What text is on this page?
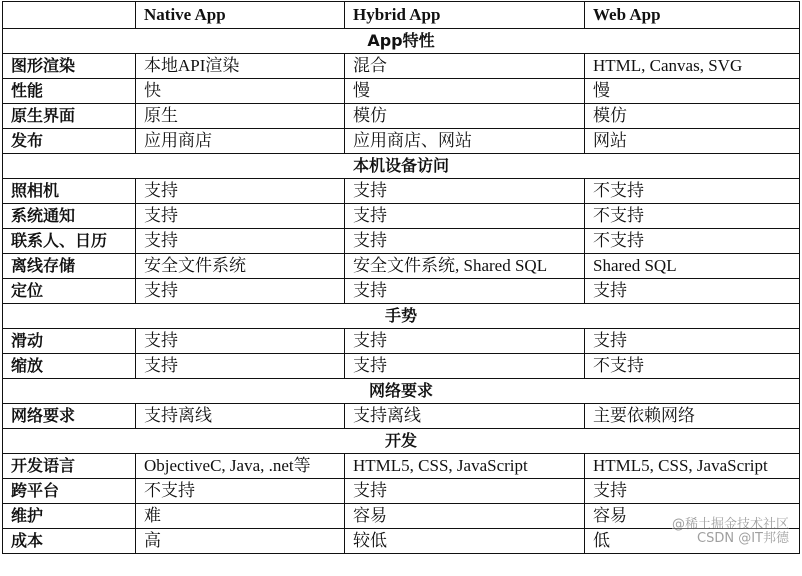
	Native App	Hybrid App	Web App
App特性			
图形渲染	本地API渲染	混合	HTML, Canvas, SVG
性能	快	慢	慢
原生界面	原生	模仿	模仿
发布	应用商店	应用商店、网站	网站
本机设备访问			
照相机	支持	支持	不支持
系统通知	支持	支持	不支持
联系人、日历	支持	支持	不支持
离线存储	安全文件系统	安全文件系统, Shared SQL	Shared SQL
定位	支持	支持	支持
手势			
滑动	支持	支持	支持
缩放	支持	支持	不支持
网络要求			
网络要求	支持离线	支持离线	主要依赖网络
开发			
开发语言	ObjectiveC, Java, .net等	HTML5, CSS, JavaScript	HTML5, CSS, JavaScript
跨平台	不支持	支持	支持
维护	难	容易	容易
成本	高	较低	低
@稀土掘金技术社区
CSDN @IT邦德
